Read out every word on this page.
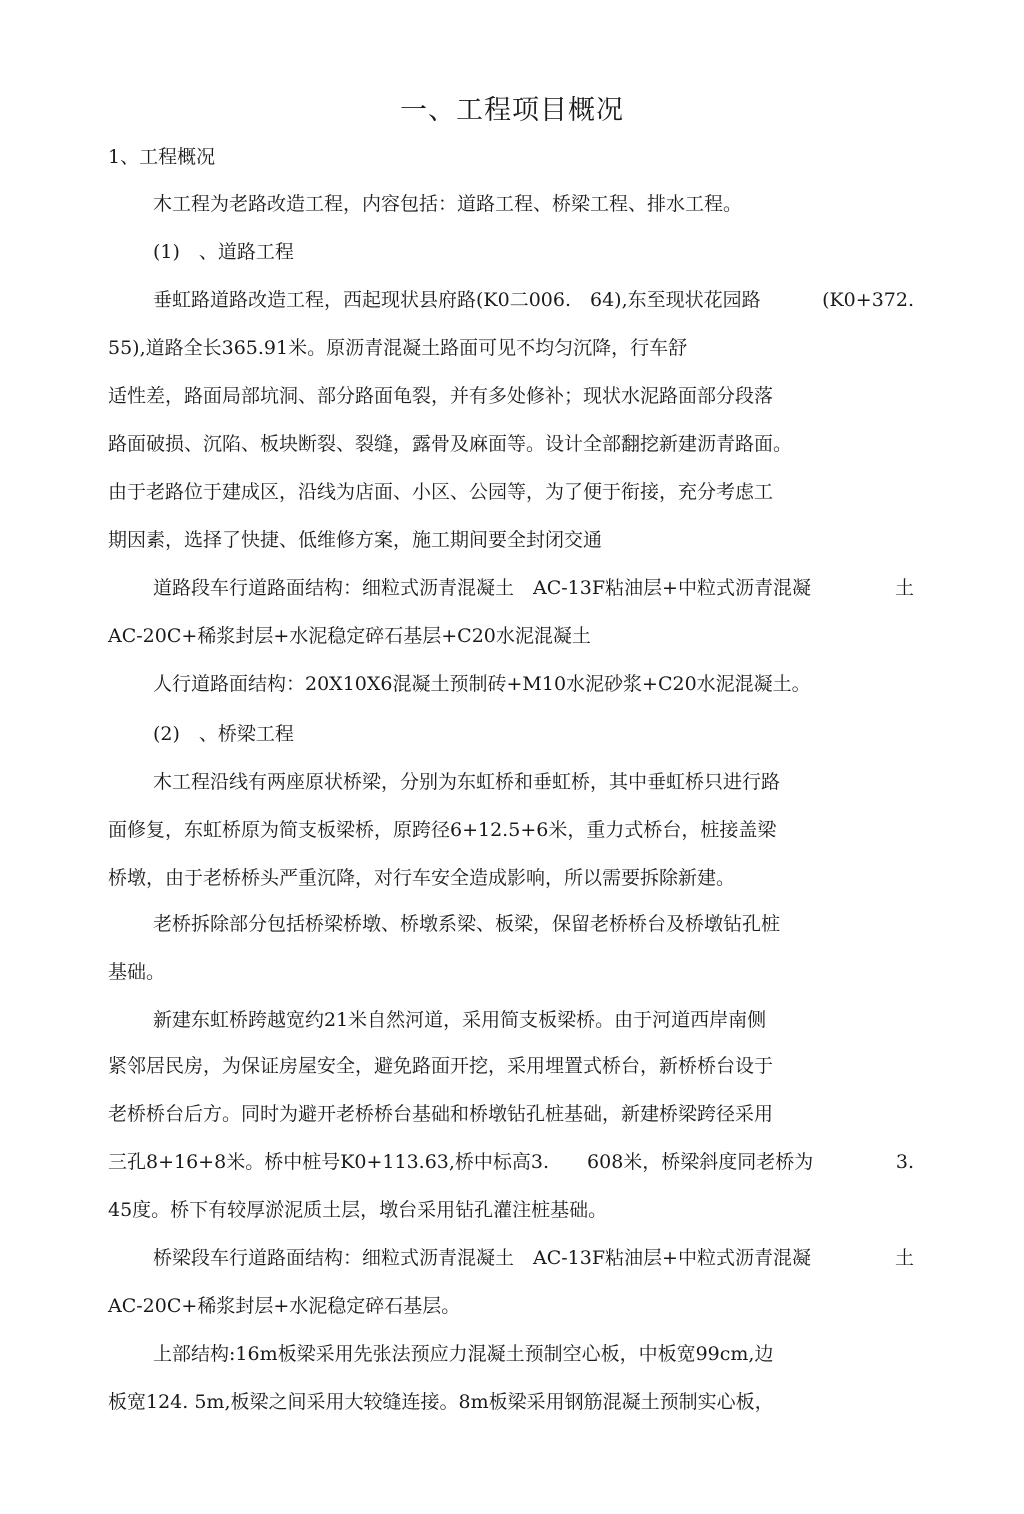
一、工程项目概况
1、工程概况
木工程为老路改造工程，内容包括：道路工程、桥梁工程、排水工程。
(1)　、道路工程
垂虹路道路改造工程，西起现状县府路(K0二006.　64),东至现状花园路	(K0+372.
55),道路全长365.91米。原沥青混凝土路面可见不均匀沉降，行车舒
适性差，路面局部坑洞、部分路面龟裂，并有多处修补；现状水泥路面部分段落
路面破损、沉陷、板块断裂、裂缝，露骨及麻面等。设计全部翻挖新建沥青路面。
由于老路位于建成区，沿线为店面、小区、公园等，为了便于衔接，充分考虑工
期因素，选择了快捷、低维修方案，施工期间要全封闭交通
道路段车行道路面结构：细粒式沥青混凝土　AC-13F粘油层+中粒式沥青混凝	土
AC-20C+稀浆封层+水泥稳定碎石基层+C20水泥混凝土
人行道路面结构：20X10X6混凝土预制砖+M10水泥砂浆+C20水泥混凝土。
(2)　、桥梁工程
木工程沿线有两座原状桥梁，分别为东虹桥和垂虹桥，其中垂虹桥只进行路
面修复，东虹桥原为简支板梁桥，原跨径6+12.5+6米，重力式桥台，桩接盖梁
桥墩，由于老桥桥头严重沉降，对行车安全造成影响，所以需要拆除新建。
老桥拆除部分包括桥梁桥墩、桥墩系梁、板梁，保留老桥桥台及桥墩钻孔桩
基础。
新建东虹桥跨越宽约21米自然河道，采用简支板梁桥。由于河道西岸南侧
紧邻居民房，为保证房屋安全，避免路面开挖，采用埋置式桥台，新桥桥台设于
老桥桥台后方。同时为避开老桥桥台基础和桥墩钻孔桩基础，新建桥梁跨径采用
三孔8+16+8米。桥中桩号K0+113.63,桥中标高3.　　608米，桥梁斜度同老桥为	3.
45度。桥下有较厚淤泥质土层，墩台采用钻孔灌注桩基础。
桥梁段车行道路面结构：细粒式沥青混凝土　AC-13F粘油层+中粒式沥青混凝	土
AC-20C+稀浆封层+水泥稳定碎石基层。
上部结构:16m板梁采用先张法预应力混凝土预制空心板，中板宽99cm,边
板宽124. 5m,板梁之间采用大较缝连接。8m板梁采用钢筋混凝土预制实心板，
